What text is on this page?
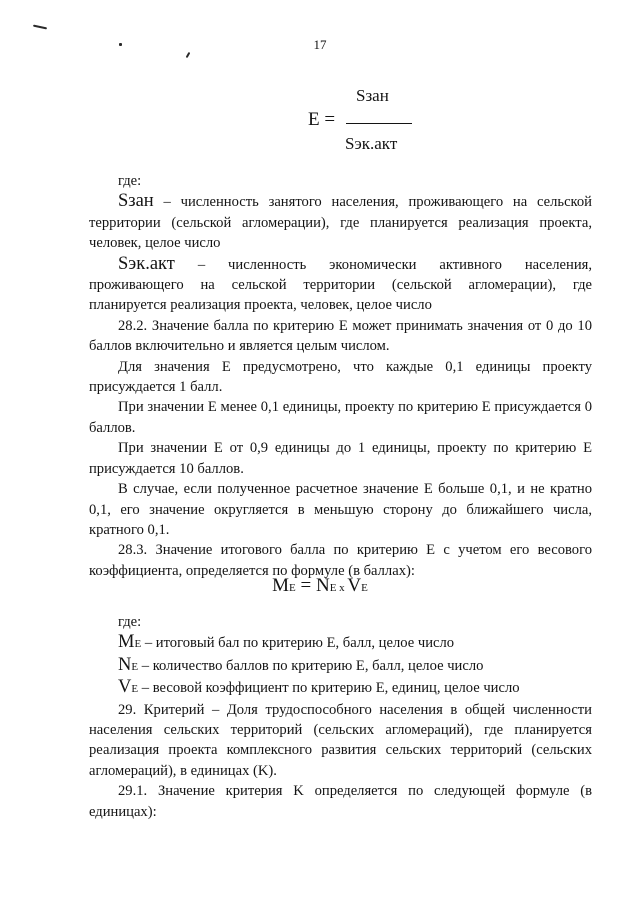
17
E =
Sзан
Sэк.акт

где:

Sзан – численность занятого населения, проживающего на сельской территории (сельской агломерации), где планируется реализация проекта, человек, целое число

Sэк.акт – численность экономически активного населения, проживающего на сельской территории (сельской агломерации), где планируется реализация проекта, человек, целое число

28.2. Значение балла по критерию E может принимать значения от 0 до 10 баллов включительно и является целым числом.

Для значения E предусмотрено, что каждые 0,1 единицы проекту присуждается 1 балл.

При значении E менее 0,1 единицы, проекту по критерию E присуждается 0 баллов.

При значении E от 0,9 единицы до 1 единицы, проекту по критерию E присуждается 10 баллов.

В случае, если полученное расчетное значение E больше 0,1, и не кратно 0,1, его значение округляется в меньшую сторону до ближайшего числа, кратного 0,1.

28.3. Значение итогового балла по критерию E с учетом его весового коэффициента, определяется по формуле (в баллах):

ME = NE x VE

где:

ME – итоговый бал по критерию E, балл, целое число

NE – количество баллов по критерию E, балл, целое число

VE – весовой коэффициент по критерию E, единиц, целое число

29. Критерий – Доля трудоспособного населения в общей численности населения сельских территорий (сельских агломераций), где планируется реализация проекта комплексного развития сельских территорий (сельских агломераций), в единицах (K).

29.1. Значение критерия K определяется по следующей формуле (в единицах):
